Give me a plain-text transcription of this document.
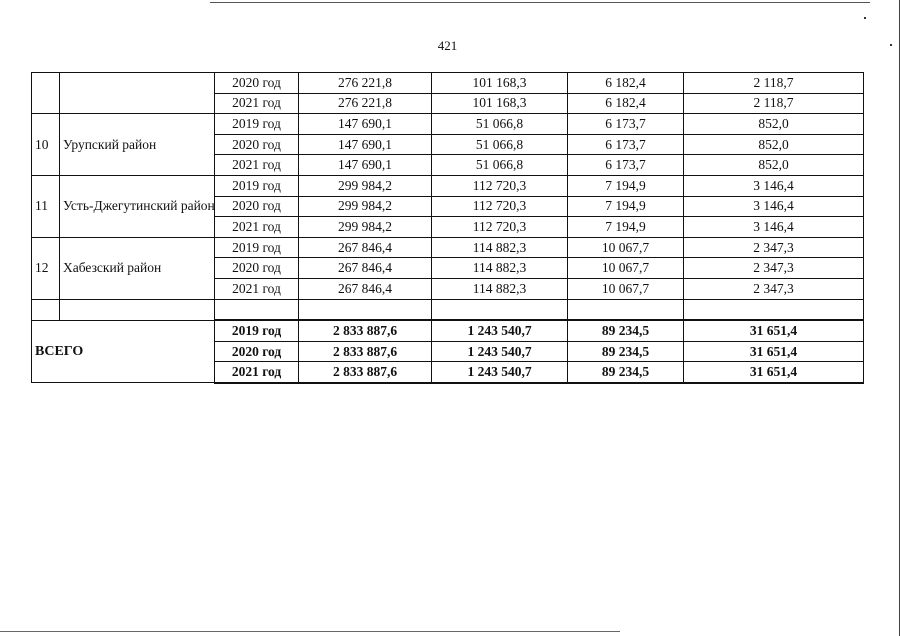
421
		2020 год	276 221,8	101 168,3	6 182,4	2 118,7
		2021 год	276 221,8	101 168,3	6 182,4	2 118,7
10	Урупский район	2019 год	147 690,1	51 066,8	6 173,7	852,0
		2020 год	147 690,1	51 066,8	6 173,7	852,0
		2021 год	147 690,1	51 066,8	6 173,7	852,0
11	Усть-Джегутинский район	2019 год	299 984,2	112 720,3	7 194,9	3 146,4
		2020 год	299 984,2	112 720,3	7 194,9	3 146,4
		2021 год	299 984,2	112 720,3	7 194,9	3 146,4
12	Хабезский район	2019 год	267 846,4	114 882,3	10 067,7	2 347,3
		2020 год	267 846,4	114 882,3	10 067,7	2 347,3
		2021 год	267 846,4	114 882,3	10 067,7	2 347,3

ВСЕГО		2019 год	2 833 887,6	1 243 540,7	89 234,5	31 651,4
		2020 год	2 833 887,6	1 243 540,7	89 234,5	31 651,4
		2021 год	2 833 887,6	1 243 540,7	89 234,5	31 651,4
